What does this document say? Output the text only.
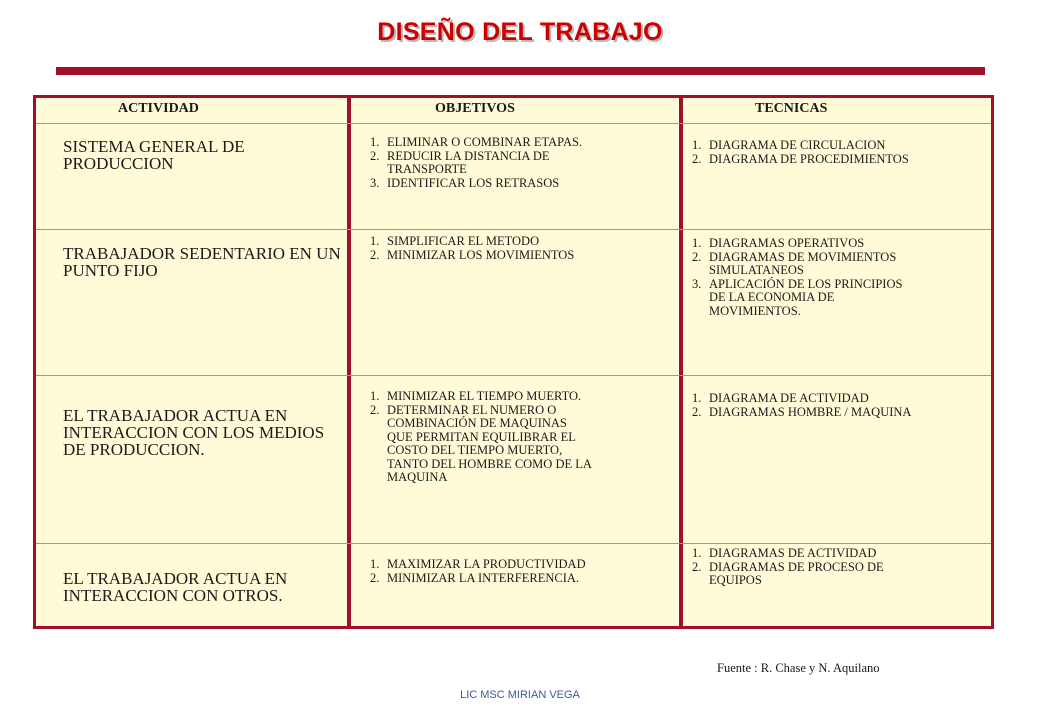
DISEÑO DEL TRABAJO
ACTIVIDAD	OBJETIVOS	TECNICAS
SISTEMA GENERAL DE PRODUCCION
1. ELIMINAR O COMBINAR ETAPAS.
2. REDUCIR LA DISTANCIA DE TRANSPORTE
3. IDENTIFICAR LOS RETRASOS
1. DIAGRAMA DE CIRCULACION
2. DIAGRAMA DE PROCEDIMIENTOS
TRABAJADOR SEDENTARIO EN UN PUNTO FIJO
1. SIMPLIFICAR EL METODO
2. MINIMIZAR LOS MOVIMIENTOS
1. DIAGRAMAS OPERATIVOS
2. DIAGRAMAS DE MOVIMIENTOS SIMULATANEOS
3. APLICACIÓN DE LOS PRINCIPIOS DE LA ECONOMIA DE MOVIMIENTOS.
EL TRABAJADOR ACTUA EN INTERACCION CON LOS MEDIOS DE PRODUCCION.
1. MINIMIZAR EL TIEMPO MUERTO.
2. DETERMINAR EL NUMERO O COMBINACIÓN DE MAQUINAS QUE PERMITAN EQUILIBRAR EL COSTO DEL TIEMPO MUERTO, TANTO DEL HOMBRE COMO DE LA MAQUINA
1. DIAGRAMA DE ACTIVIDAD
2. DIAGRAMAS HOMBRE / MAQUINA
EL TRABAJADOR ACTUA EN INTERACCION CON OTROS.
1. MAXIMIZAR LA PRODUCTIVIDAD
2. MINIMIZAR LA INTERFERENCIA.
1. DIAGRAMAS DE ACTIVIDAD
2. DIAGRAMAS DE PROCESO DE EQUIPOS
Fuente : R. Chase y N. Aquilano
LIC MSC MIRIAN VEGA
